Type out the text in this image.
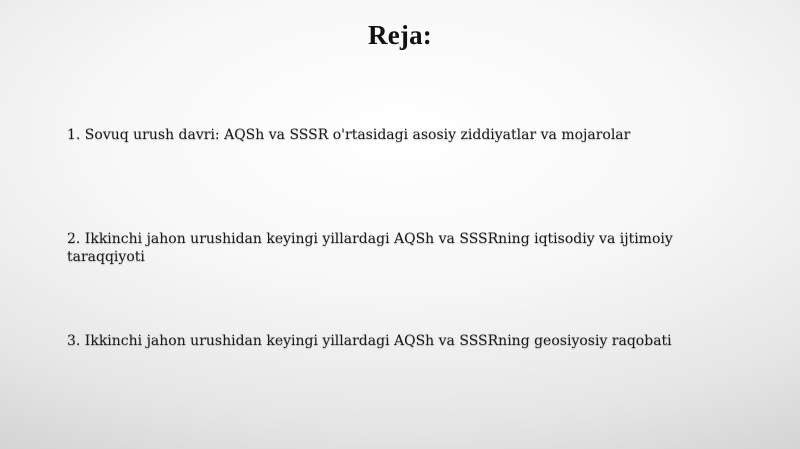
Reja:
1. Sovuq urush davri: AQSh va SSSR o'rtasidagi asosiy ziddiyatlar va mojarolar
2. Ikkinchi jahon urushidan keyingi yillardagi AQSh va SSSRning iqtisodiy va ijtimoiy taraqqiyoti
3. Ikkinchi jahon urushidan keyingi yillardagi AQSh va SSSRning geosiyosiy raqobati
